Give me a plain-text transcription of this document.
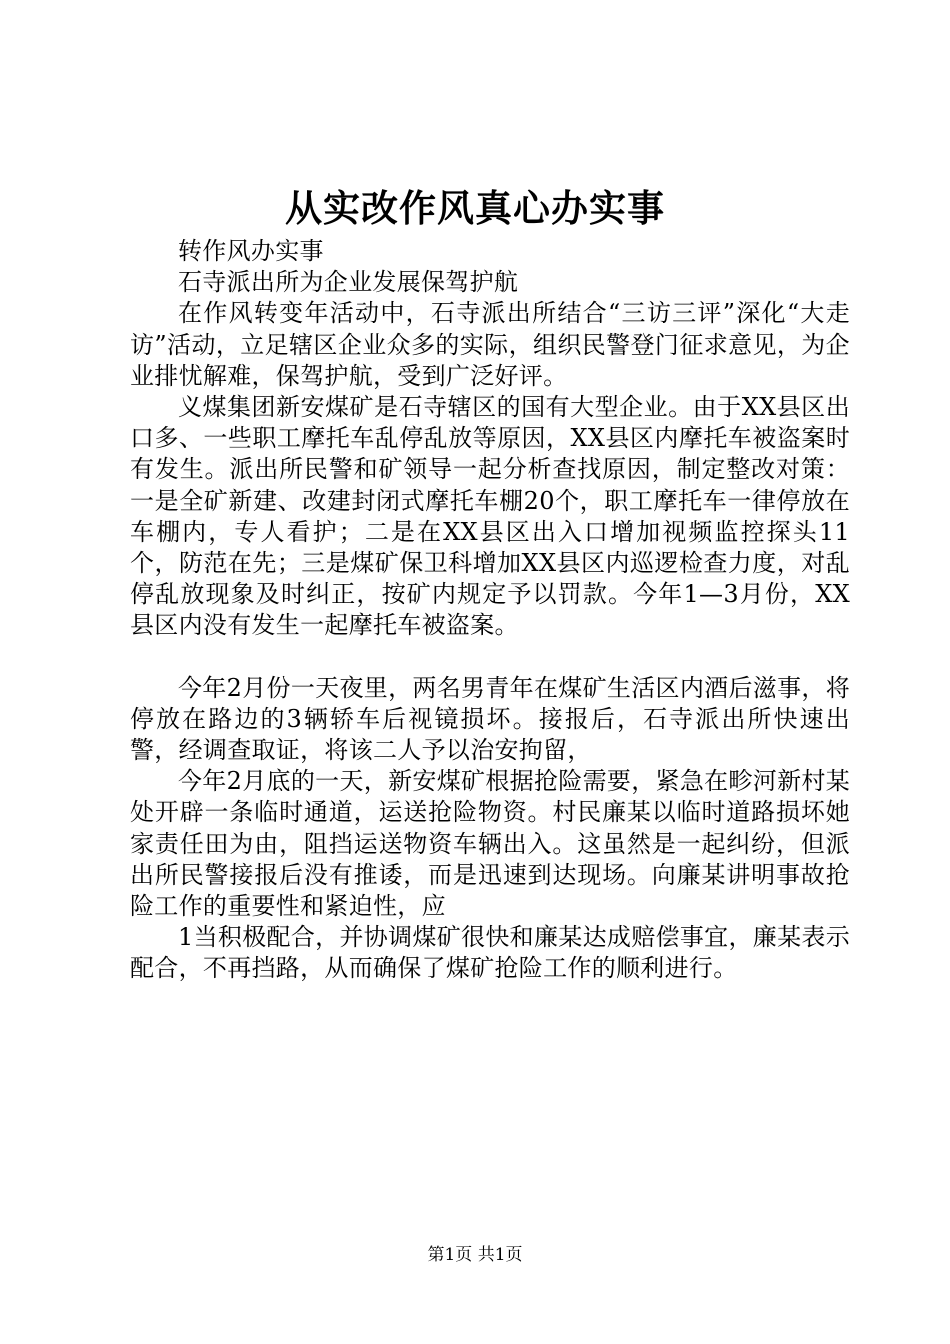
从实改作风真心办实事

转作风办实事

石寺派出所为企业发展保驾护航

在作风转变年活动中，石寺派出所结合“三访三评”深化“大走访”活动，立足辖区企业众多的实际，组织民警登门征求意见，为企业排忧解难，保驾护航，受到广泛好评。

义煤集团新安煤矿是石寺辖区的国有大型企业。由于XX县区出口多、一些职工摩托车乱停乱放等原因，XX县区内摩托车被盗案时有发生。派出所民警和矿领导一起分析查找原因，制定整改对策：一是全矿新建、改建封闭式摩托车棚20个，职工摩托车一律停放在车棚内，专人看护；二是在XX县区出入口增加视频监控探头11个，防范在先；三是煤矿保卫科增加XX县区内巡逻检查力度，对乱停乱放现象及时纠正，按矿内规定予以罚款。今年1—3月份，XX县区内没有发生一起摩托车被盗案。

今年2月份一天夜里，两名男青年在煤矿生活区内酒后滋事，将停放在路边的3辆轿车后视镜损坏。接报后，石寺派出所快速出警，经调查取证，将该二人予以治安拘留，

今年2月底的一天，新安煤矿根据抢险需要，紧急在畛河新村某处开辟一条临时通道，运送抢险物资。村民廉某以临时道路损坏她家责任田为由，阻挡运送物资车辆出入。这虽然是一起纠纷，但派出所民警接报后没有推诿，而是迅速到达现场。向廉某讲明事故抢险工作的重要性和紧迫性，应

1当积极配合，并协调煤矿很快和廉某达成赔偿事宜，廉某表示配合，不再挡路，从而确保了煤矿抢险工作的顺利进行。

第1页 共1页
